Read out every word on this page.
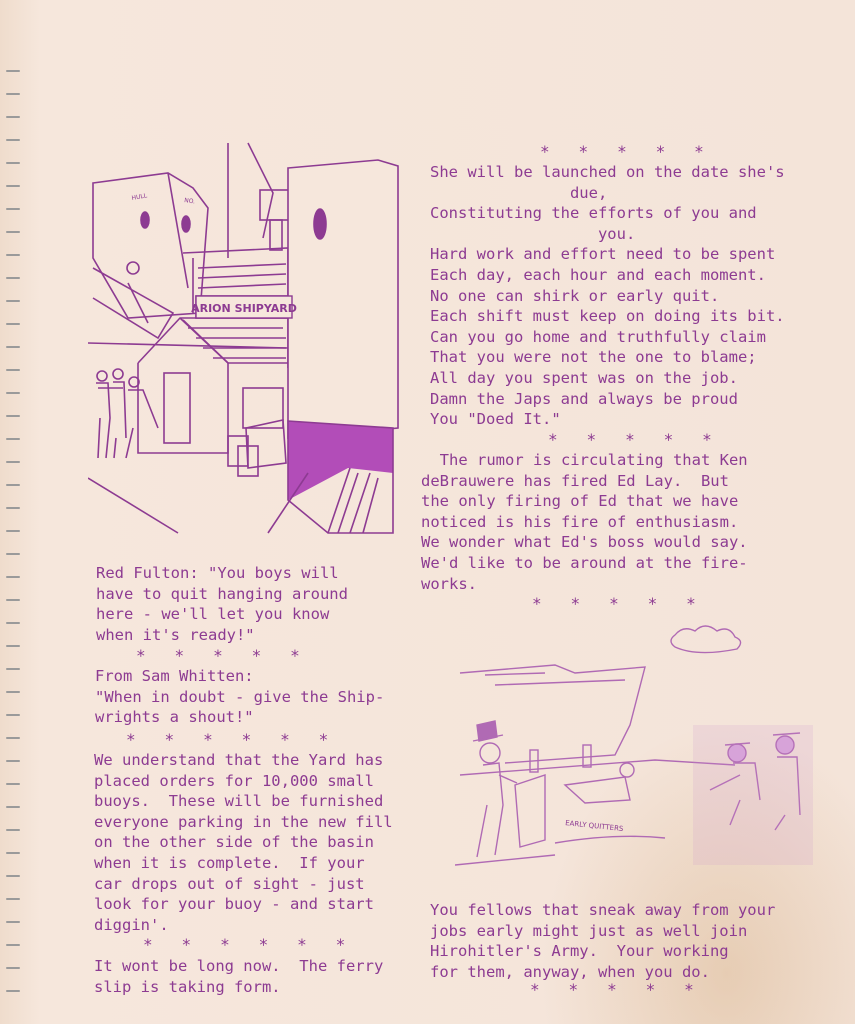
ARION SHIPYARD
HULL	NO.
*   *   *   *   *
She will be launched on the date she's
due,
Constituting the efforts of you and
you.
Hard work and effort need to be spent
Each day, each hour and each moment.
No one can shirk or early quit.
Each shift must keep on doing its bit.
Can you go home and truthfully claim
That you were not the one to blame;
All day you spent was on the job.
Damn the Japs and always be proud
You "Doed It."
*   *   *   *   *
The rumor is circulating that Ken
deBrauwere has fired Ed Lay.  But
the only firing of Ed that we have
noticed is his fire of enthusiasm.
We wonder what Ed's boss would say.
We'd like to be around at the fire-
works.
*   *   *   *   *
Red Fulton: "You boys will
have to quit hanging around
here - we'll let you know
when it's ready!"
*   *   *   *   *
From Sam Whitten:
"When in doubt - give the Ship-
wrights a shout!"
*   *   *   *   *   *
We understand that the Yard has
placed orders for 10,000 small
buoys.  These will be furnished
everyone parking in the new fill
on the other side of the basin
when it is complete.  If your
car drops out of sight - just
look for your buoy - and start
diggin'.
*   *   *   *   *   *
It wont be long now.  The ferry
slip is taking form.
EARLY QUITTERS
You fellows that sneak away from your
jobs early might just as well join
Hirohitler's Army.  Your working
for them, anyway, when you do.
*   *   *   *   *
